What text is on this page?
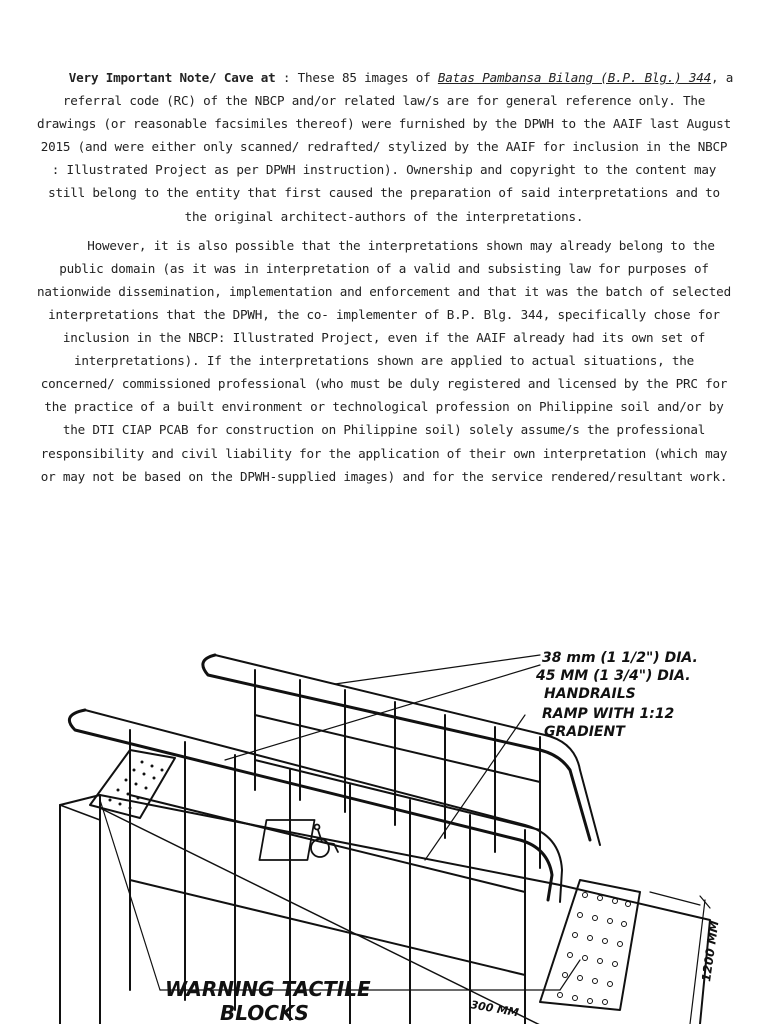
Very Important Note/ Cave at : These 85 images of Batas Pambansa Bilang (B.P. Blg.) 344, a referral code (RC) of the NBCP and/or related law/s are for general reference only. The drawings (or reasonable facsimiles thereof) were furnished by the DPWH to the AAIF last August 2015 (and were either only scanned/ redrafted/ stylized by the AAIF for inclusion in the NBCP : Illustrated Project as per DPWH instruction). Ownership and copyright to the content may still belong to the entity that first caused the preparation of said interpretations and to the original architect-authors of the interpretations.

However, it is also possible that the interpretations shown may already belong to the public domain (as it was in interpretation of a valid and subsisting law for purposes of nationwide dissemination, implementation and enforcement and that it was the batch of selected interpretations that the DPWH, the co- implementer of B.P. Blg. 344, specifically chose for inclusion in the NBCP: Illustrated Project, even if the AAIF already had its own set of interpretations). If the interpretations shown are applied to actual situations, the concerned/ commissioned professional (who must be duly registered and licensed by the PRC for the practice of a built environment or technological profession on Philippine soil and/or by the DTI CIAP PCAB for construction on Philippine soil) solely assume/s the professional responsibility and civil liability for the application of their own interpretation (which may or may not be based on the DPWH-supplied images) and for the service rendered/resultant work.

38 mm (1 1/2") DIA.
45 MM (1 3/4") DIA.
HANDRAILS
RAMP WITH 1:12
GRADIENT
WARNING TACTILE
BLOCKS
1200 MM
300 MM
